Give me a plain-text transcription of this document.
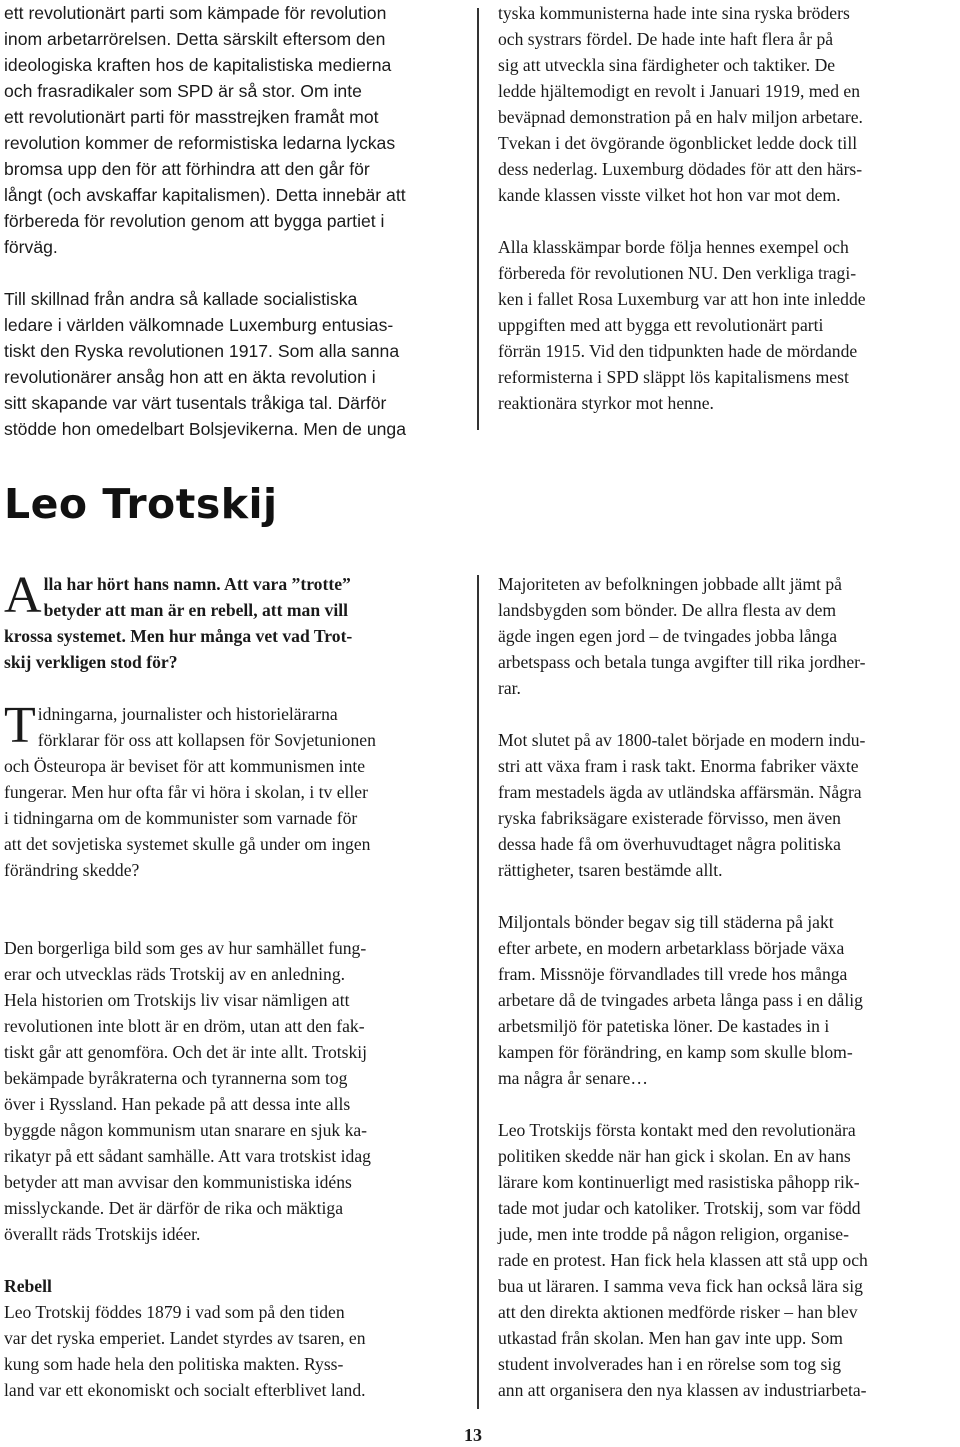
ett revolutionärt parti som kämpade för revolution
inom arbetarrörelsen. Detta särskilt eftersom den
ideologiska kraften hos de kapitalistiska medierna
och frasradikaler som SPD är så stor. Om inte
ett revolutionärt parti för masstrejken framåt mot
revolution kommer de reformistiska ledarna lyckas
bromsa upp den för att förhindra att den går för
långt (och avskaffar kapitalismen). Detta innebär att
förbereda för revolution genom att bygga partiet i
förväg.

Till skillnad från andra så kallade socialistiska
ledare i världen välkomnade Luxemburg entusias-
tiskt den Ryska revolutionen 1917. Som alla sanna
revolutionärer ansåg hon att en äkta revolution i
sitt skapande var värt tusentals tråkiga tal. Därför
stödde hon omedelbart Bolsjevikerna. Men de unga

tyska kommunisterna hade inte sina ryska bröders
och systrars fördel. De hade inte haft flera år på
sig att utveckla sina färdigheter och taktiker. De
ledde hjältemodigt en revolt i Januari 1919, med en
beväpnad demonstration på en halv miljon arbetare.
Tvekan i det övgörande ögonblicket ledde dock till
dess nederlag. Luxemburg dödades för att den härs-
kande klassen visste vilket hot hon var mot dem.

Alla klasskämpar borde följa hennes exempel och
förbereda för revolutionen NU. Den verkliga tragi-
ken i fallet Rosa Luxemburg var att hon inte inledde
uppgiften med att bygga ett revolutionärt parti
förrän 1915. Vid den tidpunkten hade de mördande
reformisterna i SPD släppt lös kapitalismens mest
reaktionära styrkor mot henne.

Leo Trotskij
A lla har hört hans namn. Att vara ”trotte”
betyder att man är en rebell, att man vill
krossa systemet. Men hur många vet vad Trot-
skij verkligen stod för?

T idningarna, journalister och historielärarna
förklarar för oss att kollapsen för Sovjetunionen
och Östeuropa är beviset för att kommunismen inte
fungerar. Men hur ofta får vi höra i skolan, i tv eller
i tidningarna om de kommunister som varnade för
att det sovjetiska systemet skulle gå under om ingen
förändring skedde?

Den borgerliga bild som ges av hur samhället fung-
erar och utvecklas räds Trotskij av en anledning.
Hela historien om Trotskijs liv visar nämligen att
revolutionen inte blott är en dröm, utan att den fak-
tiskt går att genomföra. Och det är inte allt. Trotskij
bekämpade byråkraterna och tyrannerna som tog
över i Ryssland. Han pekade på att dessa inte alls
byggde någon kommunism utan snarare en sjuk ka-
rikatyr på ett sådant samhälle. Att vara trotskist idag
betyder att man avvisar den kommunistiska idéns
misslyckande. Det är därför de rika och mäktiga
överallt räds Trotskijs idéer.

Rebell

Leo Trotskij föddes 1879 i vad som på den tiden
var det ryska emperiet. Landet styrdes av tsaren, en
kung som hade hela den politiska makten. Ryss-
land var ett ekonomiskt och socialt efterblivet land.

Majoriteten av befolkningen jobbade allt jämt på
landsbygden som bönder. De allra flesta av dem
ägde ingen egen jord – de tvingades jobba långa
arbetspass och betala tunga avgifter till rika jordher-
rar.

Mot slutet på av 1800-talet började en modern indu-
stri att växa fram i rask takt. Enorma fabriker växte
fram mestadels ägda av utländska affärsmän. Några
ryska fabriksägare existerade förvisso, men även
dessa hade få om överhuvudtaget några politiska
rättigheter, tsaren bestämde allt.

Miljontals bönder begav sig till städerna på jakt
efter arbete, en modern arbetarklass började växa
fram. Missnöje förvandlades till vrede hos många
arbetare då de tvingades arbeta långa pass i en dålig
arbetsmiljö för patetiska löner. De kastades in i
kampen för förändring, en kamp som skulle blom-
ma några år senare…

Leo Trotskijs första kontakt med den revolutionära
politiken skedde när han gick i skolan. En av hans
lärare kom kontinuerligt med rasistiska påhopp rik-
tade mot judar och katoliker. Trotskij, som var född
jude, men inte trodde på någon religion, organise-
rade en protest. Han fick hela klassen att stå upp och
bua ut läraren. I samma veva fick han också lära sig
att den direkta aktionen medförde risker – han blev
utkastad från skolan. Men han gav inte upp. Som
student involverades han i en rörelse som tog sig
ann att organisera den nya klassen av industriarbeta-

13
